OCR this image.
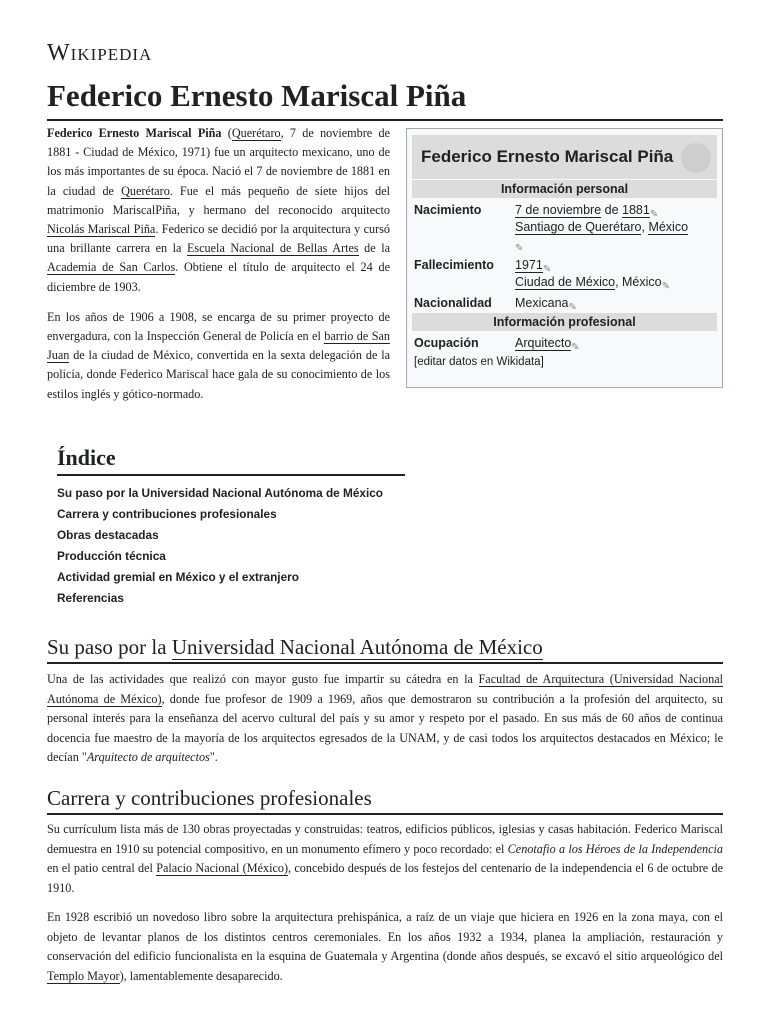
Wikipedia
Federico Ernesto Mariscal Piña

Federico Ernesto Mariscal Piña (Querétaro, 7 de noviembre de 1881 - Ciudad de México, 1971) fue un arquitecto mexicano, uno de los más importantes de su época. Nació el 7 de noviembre de 1881 en la ciudad de Querétaro. Fue el más pequeño de siete hijos del matrimonio MariscalPiña, y hermano del reconocido arquitecto Nicolás Mariscal Piña. Federico se decidió por la arquitectura y cursó una brillante carrera en la Escuela Nacional de Bellas Artes de la Academia de San Carlos. Obtiene el título de arquitecto el 24 de diciembre de 1903.

En los años de 1906 a 1908, se encarga de su primer proyecto de envergadura, con la Inspección General de Policía en el barrio de San Juan de la ciudad de México, convertida en la sexta delegación de la policía, donde Federico Mariscal hace gala de su conocimiento de los estilos inglés y gótico-normado.

Federico Ernesto Mariscal Piña
Información personal
Nacimiento	7 de noviembre de 1881✎
Santiago de Querétaro, México
✎
Fallecimiento	1971✎
Ciudad de México, México✎
Nacionalidad	Mexicana✎
Información profesional
Ocupación	Arquitecto✎
[editar datos en Wikidata]
Índice
Su paso por la Universidad Nacional Autónoma de México
Carrera y contribuciones profesionales
Obras destacadas
Producción técnica
Actividad gremial en México y el extranjero
Referencias
Su paso por la Universidad Nacional Autónoma de México

Una de las actividades que realizó con mayor gusto fue impartir su cátedra en la Facultad de Arquitectura (Universidad Nacional Autónoma de México), donde fue profesor de 1909 a 1969, años que demostraron su contribución a la profesión del arquitecto, su personal interés para la enseñanza del acervo cultural del país y su amor y respeto por el pasado. En sus más de 60 años de continua docencia fue maestro de la mayoría de los arquitectos egresados de la UNAM, y de casi todos los arquitectos destacados en México; le decían "Arquitecto de arquitectos".

Carrera y contribuciones profesionales

Su currículum lista más de 130 obras proyectadas y construidas: teatros, edificios públicos, iglesias y casas habitación. Federico Mariscal demuestra en 1910 su potencial compositivo, en un monumento efímero y poco recordado: el Cenotafio a los Héroes de la Independencia en el patio central del Palacio Nacional (México), concebido después de los festejos del centenario de la independencia el 6 de octubre de 1910.

En 1928 escribió un novedoso libro sobre la arquitectura prehispánica, a raíz de un viaje que hiciera en 1926 en la zona maya, con el objeto de levantar planos de los distintos centros ceremoniales. En los años 1932 a 1934, planea la ampliación, restauración y conservación del edificio funcionalista en la esquina de Guatemala y Argentina (donde años después, se excavó el sitio arqueológico del Templo Mayor), lamentablemente desaparecido.
